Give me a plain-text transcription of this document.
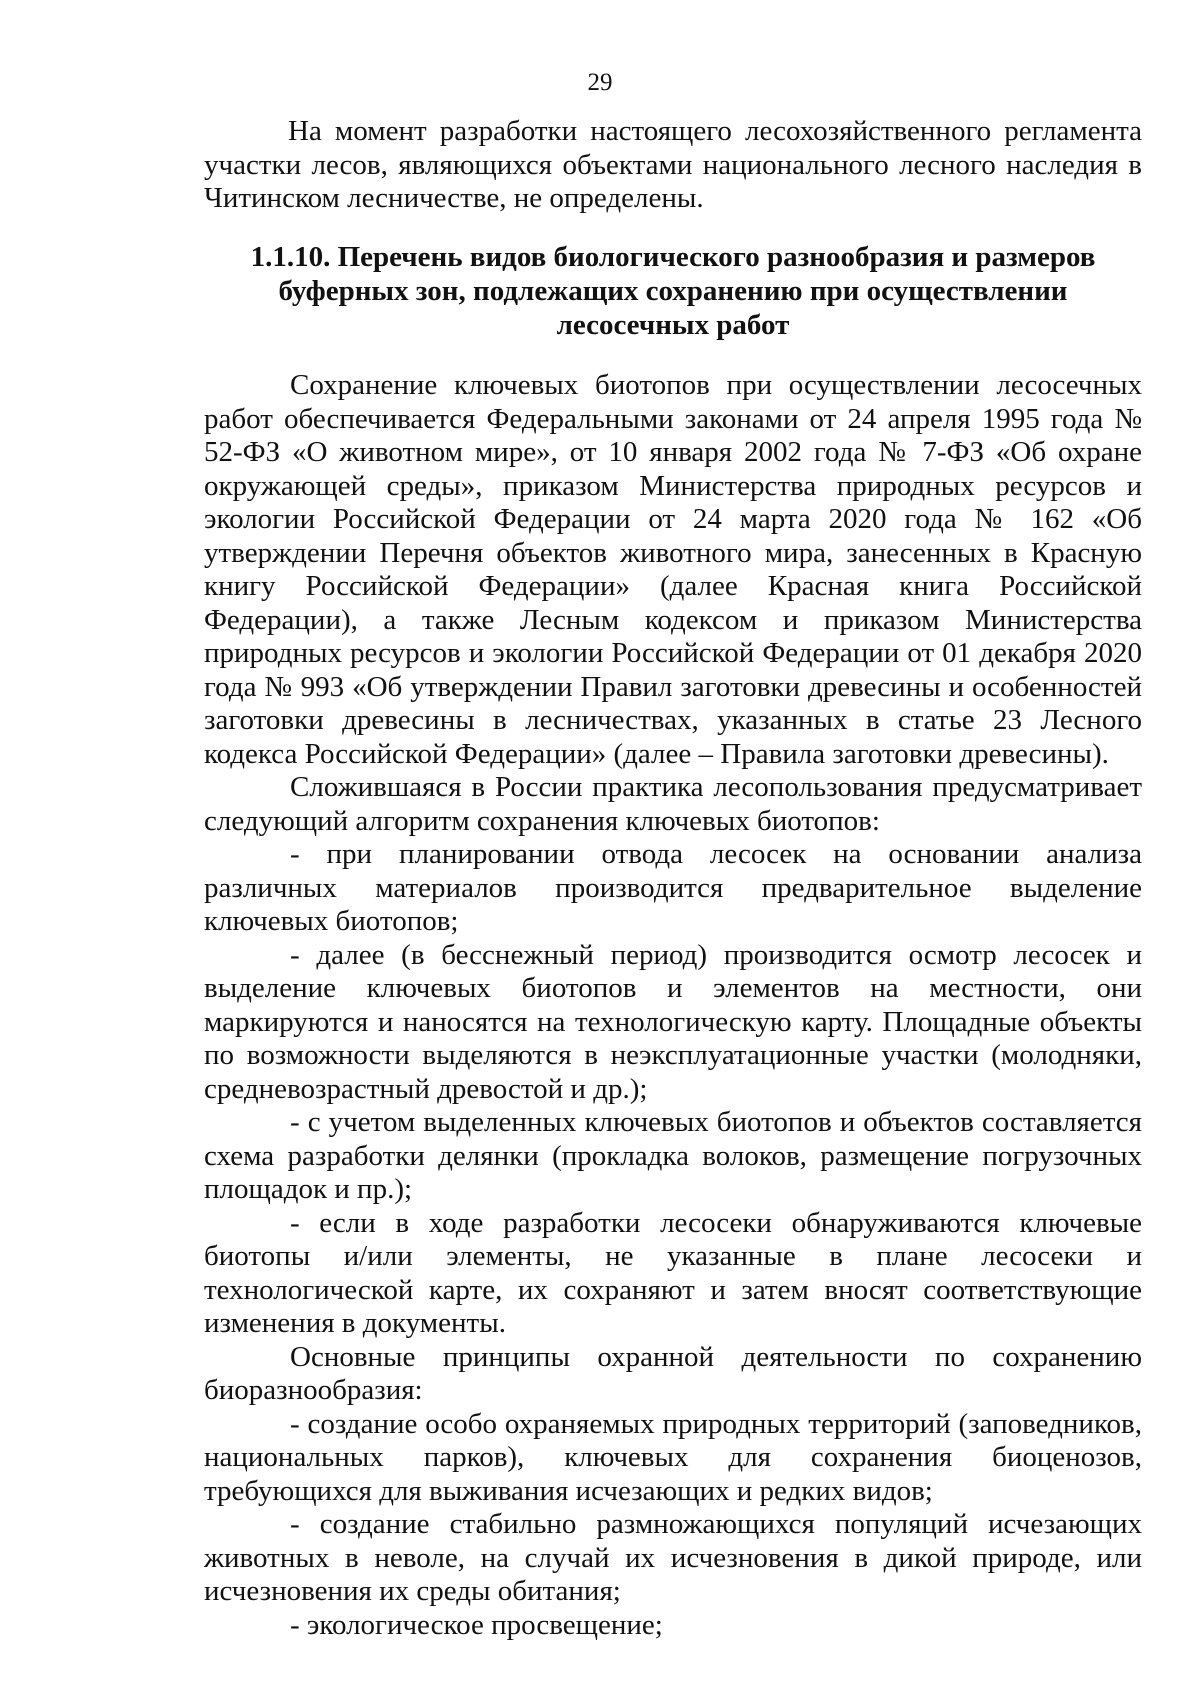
29

На момент разработки настоящего лесохозяйственного регламента участки лесов, являющихся объектами национального лесного наследия в Читинском лесничестве, не определены.

1.1.10. Перечень видов биологического разнообразия и размеров буферных зон, подлежащих сохранению при осуществлении лесосечных работ

Сохранение ключевых биотопов при осуществлении лесосечных работ обеспечивается Федеральными законами от 24 апреля 1995 года № 52-ФЗ «О животном мире», от 10 января 2002 года № 7-ФЗ «Об охране окружающей среды», приказом Министерства природных ресурсов и экологии Российской Федерации от 24 марта 2020 года № 162 «Об утверждении Перечня объектов животного мира, занесенных в Красную книгу Российской Федерации» (далее Красная книга Российской Федерации), а также Лесным кодексом и приказом Министерства природных ресурсов и экологии Российской Федерации от 01 декабря 2020 года № 993 «Об утверждении Правил заготовки древесины и особенностей заготовки древесины в лесничествах, указанных в статье 23 Лесного кодекса Российской Федерации» (далее – Правила заготовки древесины).

Сложившаяся в России практика лесопользования предусматривает следующий алгоритм сохранения ключевых биотопов:

- при планировании отвода лесосек на основании анализа различных материалов производится предварительное выделение ключевых биотопов;

- далее (в бесснежный период) производится осмотр лесосек и выделение ключевых биотопов и элементов на местности, они маркируются и наносятся на технологическую карту. Площадные объекты по возможности выделяются в неэксплуатационные участки (молодняки, средневозрастный древостой и др.);

- с учетом выделенных ключевых биотопов и объектов составляется схема разработки делянки (прокладка волоков, размещение погрузочных площадок и пр.);

- если в ходе разработки лесосеки обнаруживаются ключевые биотопы и/или элементы, не указанные в плане лесосеки и технологической карте, их сохраняют и затем вносят соответствующие изменения в документы.

Основные принципы охранной деятельности по сохранению биоразнообразия:

- создание особо охраняемых природных территорий (заповедников, национальных парков), ключевых для сохранения биоценозов, требующихся для выживания исчезающих и редких видов;

- создание стабильно размножающихся популяций исчезающих животных в неволе, на случай их исчезновения в дикой природе, или исчезновения их среды обитания;

- экологическое просвещение;
